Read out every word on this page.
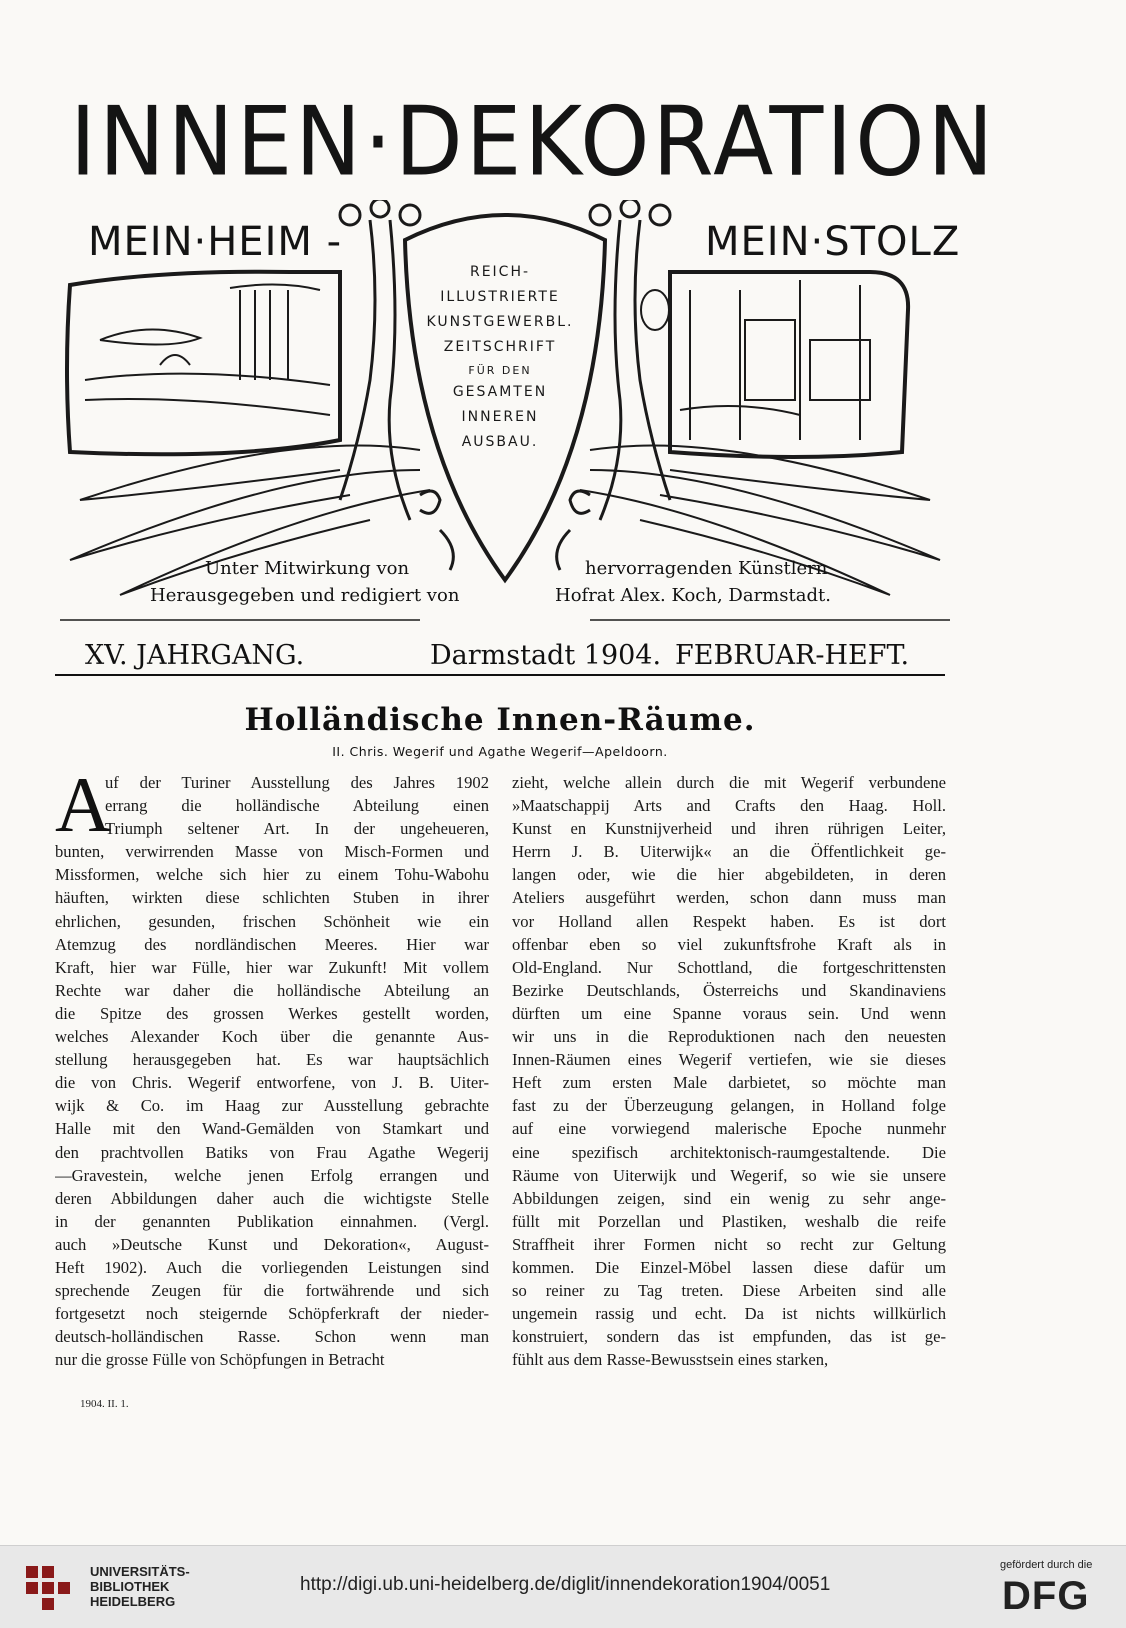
INNEN·DEKORATION
MEIN·HEIM -	MEIN·STOLZ
REICH-
ILLUSTRIERTE
KUNSTGEWERBL.
ZEITSCHRIFT
FÜR DEN
GESAMTEN
INNEREN
AUSBAU.
Unter Mitwirkung von
Herausgegeben und redigiert von
hervorragenden Künstlern
Hofrat Alex. Koch, Darmstadt.
XV. JAHRGANG.	Darmstadt 1904. FEBRUAR-HEFT.
Holländische Innen-Räume.
II. Chris. Wegerif und Agathe Wegerif—Apeldoorn.
A
uf der Turiner Ausstellung des Jahres 1902
errang die holländische Abteilung einen
Triumph seltener Art. In der ungeheueren,
bunten, verwirrenden Masse von Misch-Formen und
Missformen, welche sich hier zu einem Tohu-Wabohu
häuften, wirkten diese schlichten Stuben in ihrer
ehrlichen, gesunden, frischen Schönheit wie ein
Atemzug des nordländischen Meeres. Hier war
Kraft, hier war Fülle, hier war Zukunft! Mit vollem
Rechte war daher die holländische Abteilung an
die Spitze des grossen Werkes gestellt worden,
welches Alexander Koch über die genannte Aus-
stellung herausgegeben hat. Es war hauptsächlich
die von Chris. Wegerif entworfene, von J. B. Uiter-
wijk & Co. im Haag zur Ausstellung gebrachte
Halle mit den Wand-Gemälden von Stamkart und
den prachtvollen Batiks von Frau Agathe Wegerij
—Gravestein, welche jenen Erfolg errangen und
deren Abbildungen daher auch die wichtigste Stelle
in der genannten Publikation einnahmen. (Vergl.
auch »Deutsche Kunst und Dekoration«, August-
Heft 1902). Auch die vorliegenden Leistungen sind
sprechende Zeugen für die fortwährende und sich
fortgesetzt noch steigernde Schöpferkraft der nieder-
deutsch-holländischen Rasse. Schon wenn man
nur die grosse Fülle von Schöpfungen in Betracht
zieht, welche allein durch die mit Wegerif verbundene
»Maatschappij Arts and Crafts den Haag. Holl.
Kunst en Kunstnijverheid und ihren rührigen Leiter,
Herrn J. B. Uiterwijk« an die Öffentlichkeit ge-
langen oder, wie die hier abgebildeten, in deren
Ateliers ausgeführt werden, schon dann muss man
vor Holland allen Respekt haben. Es ist dort
offenbar eben so viel zukunftsfrohe Kraft als in
Old-England. Nur Schottland, die fortgeschrittensten
Bezirke Deutschlands, Österreichs und Skandinaviens
dürften um eine Spanne voraus sein. Und wenn
wir uns in die Reproduktionen nach den neuesten
Innen-Räumen eines Wegerif vertiefen, wie sie dieses
Heft zum ersten Male darbietet, so möchte man
fast zu der Überzeugung gelangen, in Holland folge
auf eine vorwiegend malerische Epoche nunmehr
eine spezifisch architektonisch-raumgestaltende. Die
Räume von Uiterwijk und Wegerif, so wie sie unsere
Abbildungen zeigen, sind ein wenig zu sehr ange-
füllt mit Porzellan und Plastiken, weshalb die reife
Straffheit ihrer Formen nicht so recht zur Geltung
kommen. Die Einzel-Möbel lassen diese dafür um
so reiner zu Tag treten. Diese Arbeiten sind alle
ungemein rassig und echt. Da ist nichts willkürlich
konstruiert, sondern das ist empfunden, das ist ge-
fühlt aus dem Rasse-Bewusstsein eines starken,
1904. II. 1.
UNIVERSITÄTS-
BIBLIOTHEK
HEIDELBERG
http://digi.ub.uni-heidelberg.de/diglit/innendekoration1904/0051
gefördert durch die
DFG
